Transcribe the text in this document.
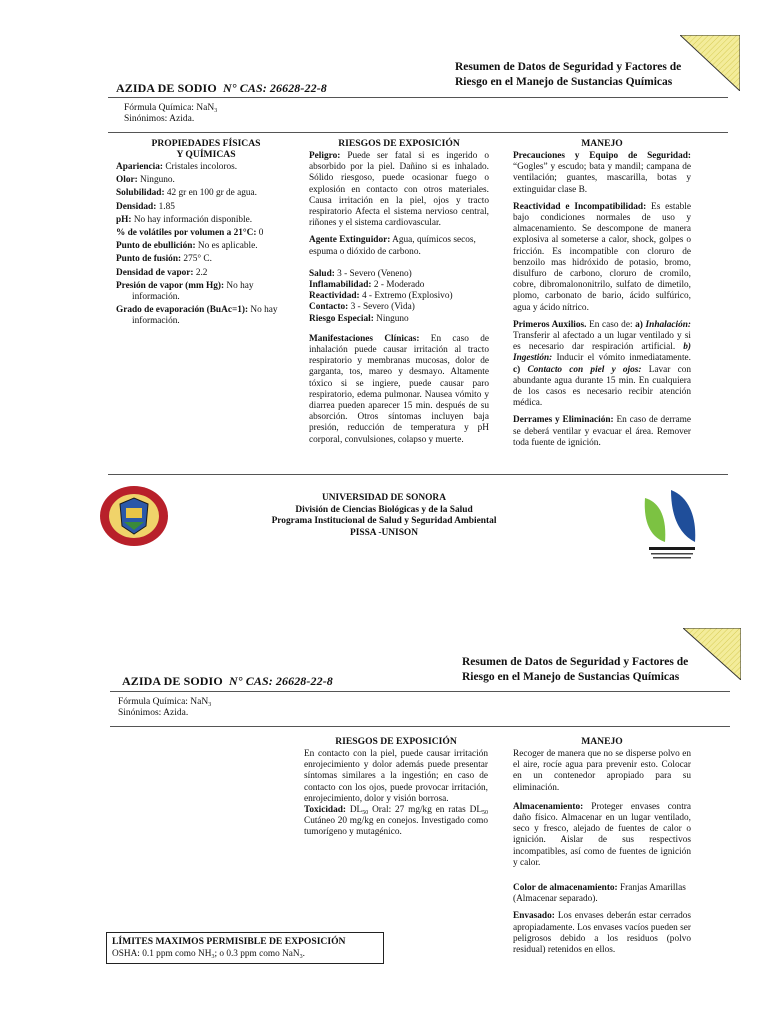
Resumen de Datos de Seguridad y Factores de
Riesgo en el Manejo de Sustancias Químicas
AZIDA DE SODIO N° CAS: 26628-22-8
Fórmula Química: NaN$_3$
Sinónimos: Azida.
PROPIEDADES FÍSICAS
Y QUÍMICAS
Apariencia: Cristales incoloros.
Olor: Ninguno.
Solubilidad: 42 gr en 100 gr de agua.
Densidad: 1.85
pH: No hay información disponible.
% de volátiles por volumen a 21°C: 0
Punto de ebullición: No es aplicable.
Punto de fusión: 275° C.
Densidad de vapor: 2.2
Presión de vapor (mm Hg): No hay información.
Grado de evaporación (BuAc=1): No hay información.
RIESGOS DE EXPOSICIÓN

Peligro: Puede ser fatal si es ingerido o absorbido por la piel. Dañino si es inhalado. Sólido riesgoso, puede ocasionar fuego o explosión en contacto con otros materiales. Causa irritación en la piel, ojos y tracto respiratorio Afecta el sistema nervioso central, riñones y el sistema cardiovascular.

Agente Extinguidor: Agua, químicos secos, espuma o dióxido de carbono.

Salud: 3 - Severo (Veneno)
Inflamabilidad: 2 - Moderado
Reactividad: 4 - Extremo (Explosivo)
Contacto: 3 - Severo (Vida)
Riesgo Especial: Ninguno

Manifestaciones Clínicas: En caso de inhalación puede causar irritación al tracto respiratorio y membranas mucosas, dolor de garganta, tos, mareo y desmayo. Altamente tóxico si se ingiere, puede causar paro respiratorio, edema pulmonar. Nausea vómito y diarrea pueden aparecer 15 min. después de su absorción. Otros síntomas incluyen baja presión, reducción de temperatura y pH corporal, convulsiones, colapso y muerte.

MANEJO

Precauciones y Equipo de Seguridad: “Gogles” y escudo; bata y mandil; campana de ventilación; guantes, mascarilla, botas y extinguidar clase B.

Reactividad e Incompatibilidad: Es estable bajo condiciones normales de uso y almacenamiento. Se descompone de manera explosiva al someterse a calor, shock, golpes o fricción. Es incompatible con cloruro de benzoilo mas hidróxido de potasio, bromo, disulfuro de carbono, cloruro de cromilo, cobre, dibromalononitrilo, sulfato de dimetilo, plomo, carbonato de bario, ácido sulfúrico, agua y ácido nítrico.

Primeros Auxilios. En caso de: a) Inhalación: Transferir al afectado a un lugar ventilado y si es necesario dar respiración artificial. b) Ingestión: Inducir el vómito inmediatamente. c) Contacto con piel y ojos: Lavar con abundante agua durante 15 min. En cualquiera de los casos es necesario recibir atención médica.

Derrames y Eliminación: En caso de derrame se deberá ventilar y evacuar el área. Remover toda fuente de ignición.

UNIVERSIDAD DE SONORA
División de Ciencias Biológicas y de la Salud
Programa Institucional de Salud y Seguridad Ambiental
PISSA -UNISON
Resumen de Datos de Seguridad y Factores de
Riesgo en el Manejo de Sustancias Químicas
AZIDA DE SODIO N° CAS: 26628-22-8
Fórmula Química: NaN$_3$
Sinónimos: Azida.
RIESGOS DE EXPOSICIÓN

En contacto con la piel, puede causar irritación enrojecimiento y dolor además puede presentar síntomas similares a la ingestión; en caso de contacto con los ojos, puede provocar irritación, enrojecimiento, dolor y visión borrosa.

Toxicidad: $DL_{50}$ Oral: 27 mg/kg en ratas $DL_{50}$ Cutáneo 20 mg/kg en conejos. Investigado como tumorígeno y mutagénico.

MANEJO

Recoger de manera que no se disperse polvo en el aire, rocíe agua para prevenir esto. Colocar en un contenedor apropiado para su eliminación.

Almacenamiento: Proteger envases contra daño físico. Almacenar en un lugar ventilado, seco y fresco, alejado de fuentes de calor o ignición. Aislar de sus respectivos incompatibles, así como de fuentes de ignición y calor.

Color de almacenamiento: Franjas Amarillas (Almacenar separado).

Envasado: Los envases deberán estar cerrados apropiadamente. Los envases vacíos pueden ser peligrosos debido a los residuos (polvo residual) retenidos en ellos.

LÍMITES MAXIMOS PERMISIBLE DE EXPOSICIÓN
OSHA: 0.1 ppm como $NH_3$; o 0.3 ppm como NaN$_3$.
